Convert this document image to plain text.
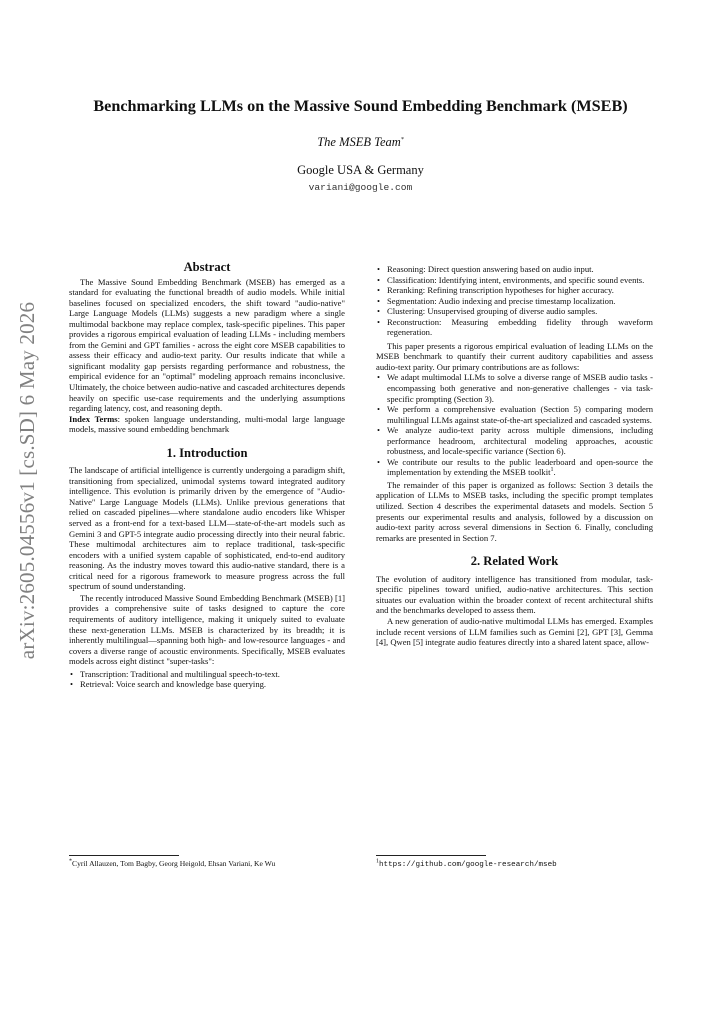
Benchmarking LLMs on the Massive Sound Embedding Benchmark (MSEB)
The MSEB Team*
Google USA & Germany
variani@google.com
arXiv:2605.04556v1 [cs.SD] 6 May 2026
Abstract

The Massive Sound Embedding Benchmark (MSEB) has emerged as a standard for evaluating the functional breadth of audio models. While initial baselines focused on specialized encoders, the shift toward "audio-native" Large Language Models (LLMs) suggests a new paradigm where a single multimodal backbone may replace complex, task-specific pipelines. This paper provides a rigorous empirical evaluation of leading LLMs - including members from the Gemini and GPT families - across the eight core MSEB capabilities to assess their efficacy and audio-text parity. Our results indicate that while a significant modality gap persists regarding performance and robustness, the empirical evidence for an "optimal" modeling approach remains inconclusive. Ultimately, the choice between audio-native and cascaded architectures depends heavily on specific use-case requirements and the underlying assumptions regarding latency, cost, and reasoning depth.

Index Terms: spoken language understanding, multi-modal large language models, massive sound embedding benchmark

1. Introduction

The landscape of artificial intelligence is currently undergoing a paradigm shift, transitioning from specialized, unimodal systems toward integrated auditory intelligence. This evolution is primarily driven by the emergence of "Audio-Native" Large Language Models (LLMs). Unlike previous generations that relied on cascaded pipelines—where standalone audio encoders like Whisper served as a front-end for a text-based LLM—state-of-the-art models such as Gemini 3 and GPT-5 integrate audio processing directly into their neural fabric. These multimodal architectures aim to replace traditional, task-specific encoders with a unified system capable of sophisticated, end-to-end auditory reasoning. As the industry moves toward this audio-native standard, there is a critical need for a rigorous framework to measure progress across the full spectrum of sound understanding.

The recently introduced Massive Sound Embedding Benchmark (MSEB) [1] provides a comprehensive suite of tasks designed to capture the core requirements of auditory intelligence, making it uniquely suited to evaluate these next-generation LLMs. MSEB is characterized by its breadth; it is inherently multilingual—spanning both high- and low-resource languages - and covers a diverse range of acoustic environments. Specifically, MSEB evaluates models across eight distinct "super-tasks":

• Transcription: Traditional and multilingual speech-to-text.

• Retrieval: Voice search and knowledge base querying.

*Cyril Allauzen, Tom Bagby, Georg Heigold, Ehsan Variani, Ke Wu

• Reasoning: Direct question answering based on audio input.

• Classification: Identifying intent, environments, and specific sound events.

• Reranking: Refining transcription hypotheses for higher accuracy.

• Segmentation: Audio indexing and precise timestamp localization.

• Clustering: Unsupervised grouping of diverse audio samples.

• Reconstruction: Measuring embedding fidelity through waveform regeneration.

This paper presents a rigorous empirical evaluation of leading LLMs on the MSEB benchmark to quantify their current auditory capabilities and assess audio-text parity. Our primary contributions are as follows:

• We adapt multimodal LLMs to solve a diverse range of MSEB audio tasks - encompassing both generative and non-generative challenges - via task-specific prompting (Section 3).

• We perform a comprehensive evaluation (Section 5) comparing modern multilingual LLMs against state-of-the-art specialized and cascaded systems.

• We analyze audio-text parity across multiple dimensions, including performance headroom, architectural modeling approaches, acoustic robustness, and locale-specific variance (Section 6).

• We contribute our results to the public leaderboard and open-source the implementation by extending the MSEB toolkit$^1$.

The remainder of this paper is organized as follows: Section 3 details the application of LLMs to MSEB tasks, including the specific prompt templates utilized. Section 4 describes the experimental datasets and models. Section 5 presents our experimental results and analysis, followed by a discussion on audio-text parity across several dimensions in Section 6. Finally, concluding remarks are presented in Section 7.

2. Related Work

The evolution of auditory intelligence has transitioned from modular, task-specific pipelines toward unified, audio-native architectures. This section situates our evaluation within the broader context of recent architectural shifts and the benchmarks developed to assess them.

A new generation of audio-native multimodal LLMs has emerged. Examples include recent versions of LLM families such as Gemini [2], GPT [3], Gemma [4], Qwen [5] integrate audio features directly into a shared latent space, allow-

$^1$https://github.com/google-research/mseb
